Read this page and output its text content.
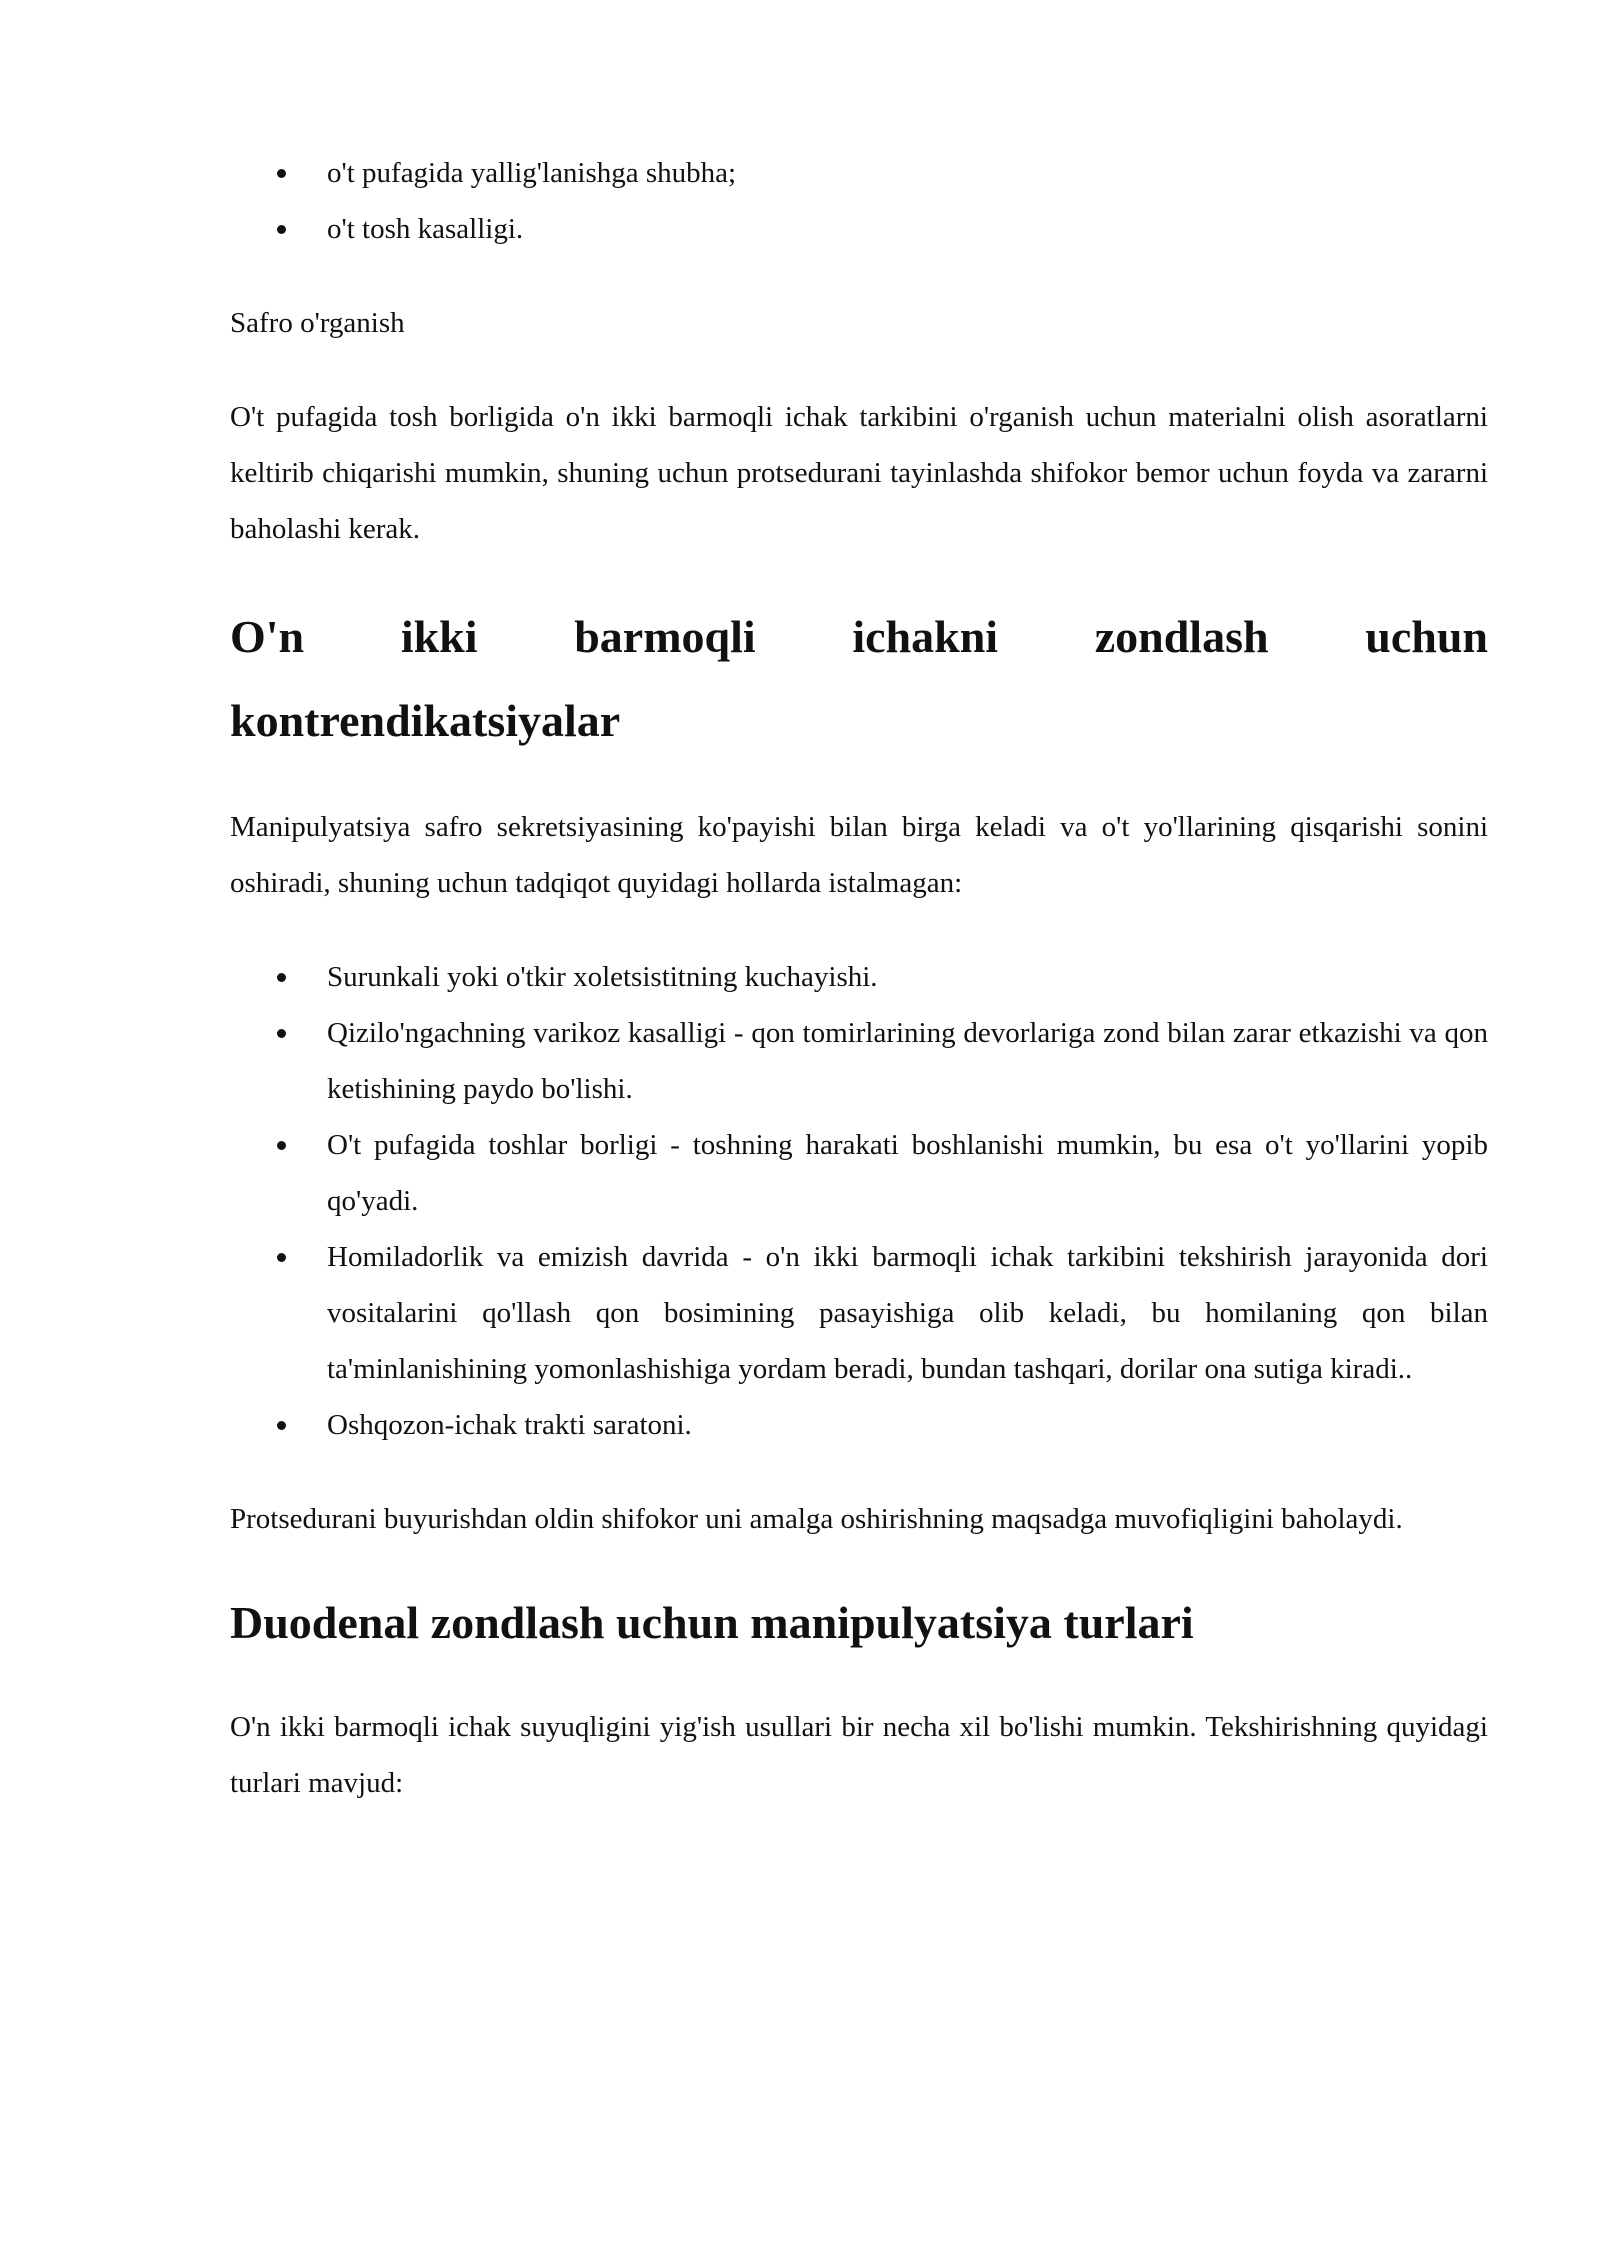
o't pufagida yallig'lanishga shubha;
o't tosh kasalligi.

Safro o'rganish

O't pufagida tosh borligida o'n ikki barmoqli ichak tarkibini o'rganish uchun materialni olish asoratlarni keltirib chiqarishi mumkin, shuning uchun protsedurani tayinlashda shifokor bemor uchun foyda va zararni baholashi kerak.

O'n ikki barmoqli ichakni zondlash uchun
kontrendikatsiyalar

Manipulyatsiya safro sekretsiyasining ko'payishi bilan birga keladi va o't yo'llarining qisqarishi sonini oshiradi, shuning uchun tadqiqot quyidagi hollarda istalmagan:

Surunkali yoki o'tkir xoletsistitning kuchayishi.
Qizilo'ngachning varikoz kasalligi - qon tomirlarining devorlariga zond bilan zarar etkazishi va qon ketishining paydo bo'lishi.
O't pufagida toshlar borligi - toshning harakati boshlanishi mumkin, bu esa o't yo'llarini yopib qo'yadi.
Homiladorlik va emizish davrida - o'n ikki barmoqli ichak tarkibini tekshirish jarayonida dori vositalarini qo'llash qon bosimining pasayishiga olib keladi, bu homilaning qon bilan ta'minlanishining yomonlashishiga yordam beradi, bundan tashqari, dorilar ona sutiga kiradi..
Oshqozon-ichak trakti saratoni.

Protsedurani buyurishdan oldin shifokor uni amalga oshirishning maqsadga muvofiqligini baholaydi.

Duodenal zondlash uchun manipulyatsiya turlari

O'n ikki barmoqli ichak suyuqligini yig'ish usullari bir necha xil bo'lishi mumkin. Tekshirishning quyidagi turlari mavjud:
